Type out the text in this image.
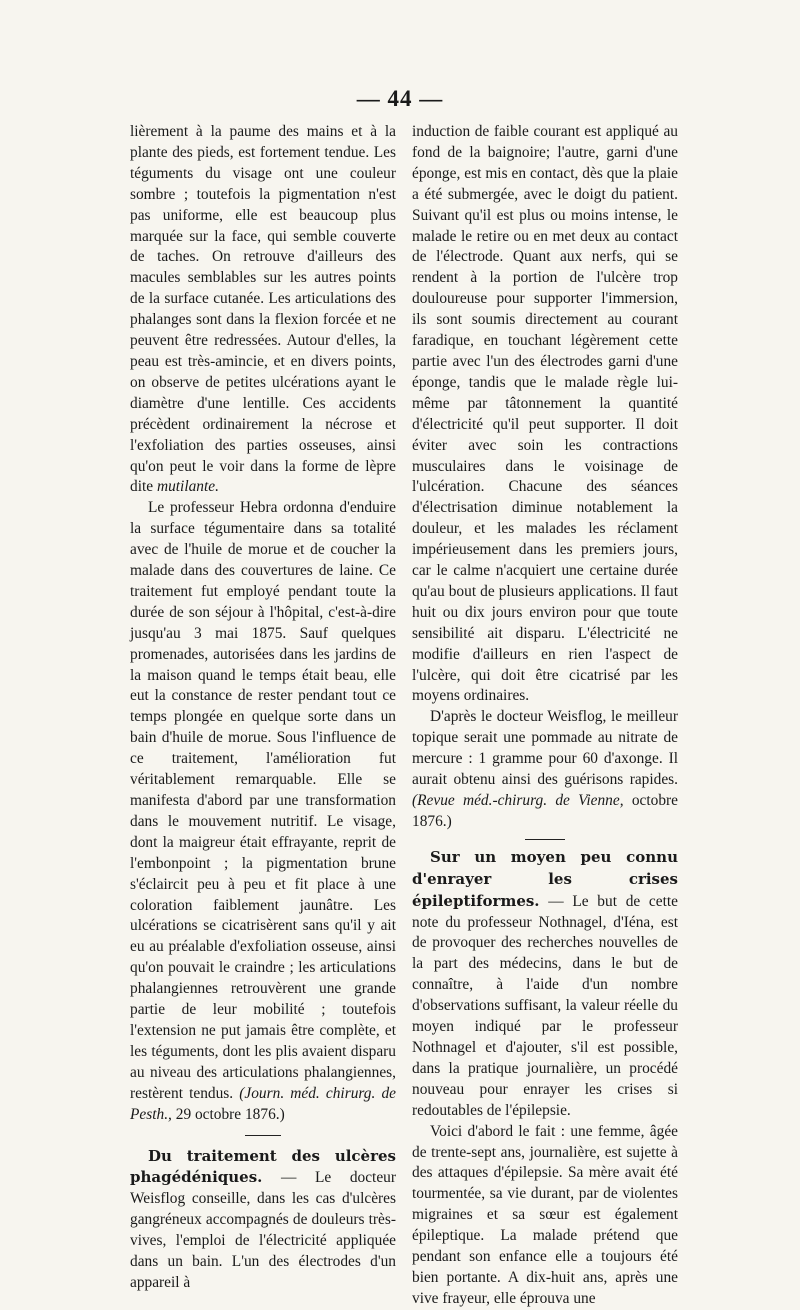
— 44 —

lièrement à la paume des mains et à la plante des pieds, est fortement tendue. Les téguments du visage ont une couleur sombre ; toutefois la pigmentation n'est pas uniforme, elle est beaucoup plus marquée sur la face, qui semble couverte de taches. On retrouve d'ailleurs des macules semblables sur les autres points de la surface cutanée. Les articulations des phalanges sont dans la flexion forcée et ne peuvent être redressées. Autour d'elles, la peau est très-amincie, et en divers points, on observe de petites ulcérations ayant le diamètre d'une lentille. Ces accidents précèdent ordinairement la nécrose et l'exfoliation des parties osseuses, ainsi qu'on peut le voir dans la forme de lèpre dite mutilante.

Le professeur Hebra ordonna d'enduire la surface tégumentaire dans sa totalité avec de l'huile de morue et de coucher la malade dans des couvertures de laine. Ce traitement fut employé pendant toute la durée de son séjour à l'hôpital, c'est-à-dire jusqu'au 3 mai 1875. Sauf quelques promenades, autorisées dans les jardins de la maison quand le temps était beau, elle eut la constance de rester pendant tout ce temps plongée en quelque sorte dans un bain d'huile de morue. Sous l'influence de ce traitement, l'amélioration fut véritablement remarquable. Elle se manifesta d'abord par une transformation dans le mouvement nutritif. Le visage, dont la maigreur était effrayante, reprit de l'embonpoint ; la pigmentation brune s'éclaircit peu à peu et fit place à une coloration faiblement jaunâtre. Les ulcérations se cicatrisèrent sans qu'il y ait eu au préalable d'exfoliation osseuse, ainsi qu'on pouvait le craindre ; les articulations phalangiennes retrouvèrent une grande partie de leur mobilité ; toutefois l'extension ne put jamais être complète, et les téguments, dont les plis avaient disparu au niveau des articulations phalangiennes, restèrent tendus. (Journ. méd. chirurg. de Pesth., 29 octobre 1876.)

Du traitement des ulcères phagédéniques. — Le docteur Weisflog conseille, dans les cas d'ulcères gangréneux accompagnés de douleurs très-vives, l'emploi de l'électricité appliquée dans un bain. L'un des électrodes d'un appareil à

induction de faible courant est appliqué au fond de la baignoire; l'autre, garni d'une éponge, est mis en contact, dès que la plaie a été submergée, avec le doigt du patient. Suivant qu'il est plus ou moins intense, le malade le retire ou en met deux au contact de l'électrode. Quant aux nerfs, qui se rendent à la portion de l'ulcère trop douloureuse pour supporter l'immersion, ils sont soumis directement au courant faradique, en touchant légèrement cette partie avec l'un des électrodes garni d'une éponge, tandis que le malade règle lui-même par tâtonnement la quantité d'électricité qu'il peut supporter. Il doit éviter avec soin les contractions musculaires dans le voisinage de l'ulcération. Chacune des séances d'électrisation diminue notablement la douleur, et les malades les réclament impérieusement dans les premiers jours, car le calme n'acquiert une certaine durée qu'au bout de plusieurs applications. Il faut huit ou dix jours environ pour que toute sensibilité ait disparu. L'électricité ne modifie d'ailleurs en rien l'aspect de l'ulcère, qui doit être cicatrisé par les moyens ordinaires.

D'après le docteur Weisflog, le meilleur topique serait une pommade au nitrate de mercure : 1 gramme pour 60 d'axonge. Il aurait obtenu ainsi des guérisons rapides. (Revue méd.-chirurg. de Vienne, octobre 1876.)

Sur un moyen peu connu d'enrayer les crises épileptiformes. — Le but de cette note du professeur Nothnagel, d'Iéna, est de provoquer des recherches nouvelles de la part des médecins, dans le but de connaître, à l'aide d'un nombre d'observations suffisant, la valeur réelle du moyen indiqué par le professeur Nothnagel et d'ajouter, s'il est possible, dans la pratique journalière, un procédé nouveau pour enrayer les crises si redoutables de l'épilepsie.

Voici d'abord le fait : une femme, âgée de trente-sept ans, journalière, est sujette à des attaques d'épilepsie. Sa mère avait été tourmentée, sa vie durant, par de violentes migraines et sa sœur est également épileptique. La malade prétend que pendant son enfance elle a toujours été bien portante. A dix-huit ans, après une vive frayeur, elle éprouva une
